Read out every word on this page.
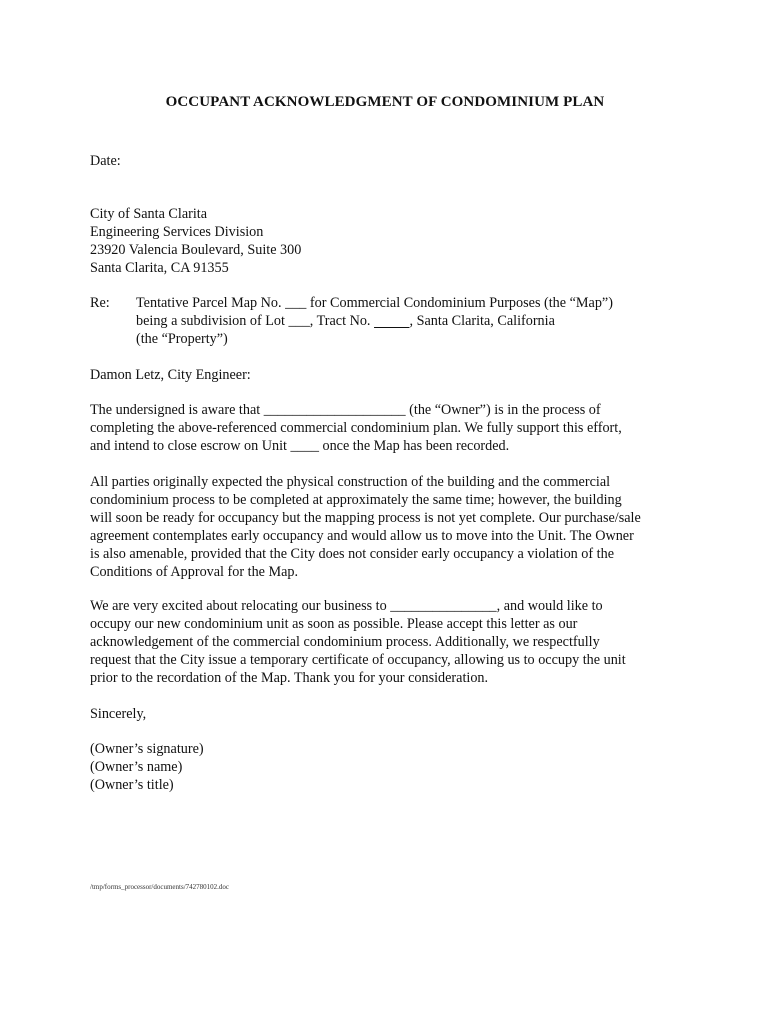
OCCUPANT ACKNOWLEDGMENT OF CONDOMINIUM PLAN
Date:
City of Santa Clarita
Engineering Services Division
23920 Valencia Boulevard, Suite 300
Santa Clarita, CA 91355
Re: Tentative Parcel Map No. ___ for Commercial Condominium Purposes (the “Map”)
being a subdivision of Lot ___, Tract No.           , Santa Clarita, California
(the “Property”)
Damon Letz, City Engineer:
The undersigned is aware that ____________________ (the “Owner”) is in the process of
completing the above-referenced commercial condominium plan. We fully support this effort,
and intend to close escrow on Unit ____ once the Map has been recorded.
All parties originally expected the physical construction of the building and the commercial
condominium process to be completed at approximately the same time; however, the building
will soon be ready for occupancy but the mapping process is not yet complete. Our purchase/sale
agreement contemplates early occupancy and would allow us to move into the Unit. The Owner
is also amenable, provided that the City does not consider early occupancy a violation of the
Conditions of Approval for the Map.
We are very excited about relocating our business to _______________, and would like to
occupy our new condominium unit as soon as possible. Please accept this letter as our
acknowledgement of the commercial condominium process. Additionally, we respectfully
request that the City issue a temporary certificate of occupancy, allowing us to occupy the unit
prior to the recordation of the Map. Thank you for your consideration.
Sincerely,
(Owner’s signature)
(Owner’s name)
(Owner’s title)
/tmp/forms_processor/documents/742780102.doc
